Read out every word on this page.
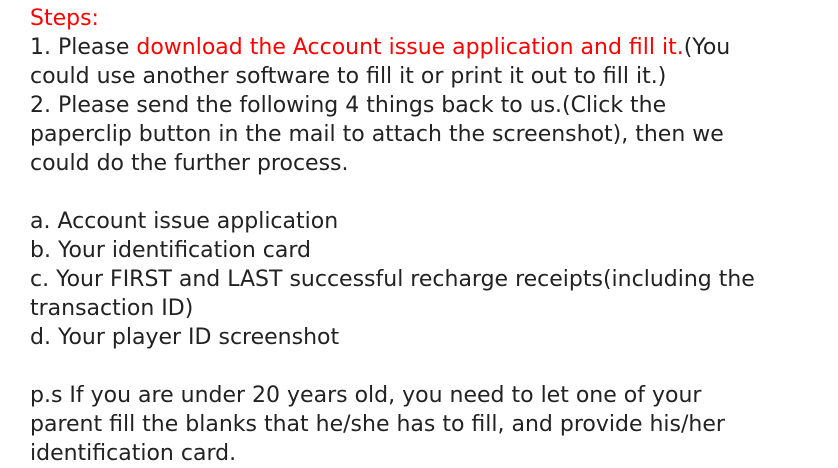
Steps:
1. Please download the Account issue application and fill it.(You
could use another software to fill it or print it out to fill it.)
2. Please send the following 4 things back to us.(Click the
paperclip button in the mail to attach the screenshot), then we
could do the further process.
a. Account issue application
b. Your identification card
c. Your FIRST and LAST successful recharge receipts(including the
transaction ID)
d. Your player ID screenshot
p.s If you are under 20 years old, you need to let one of your
parent fill the blanks that he/she has to fill, and provide his/her
identification card.
